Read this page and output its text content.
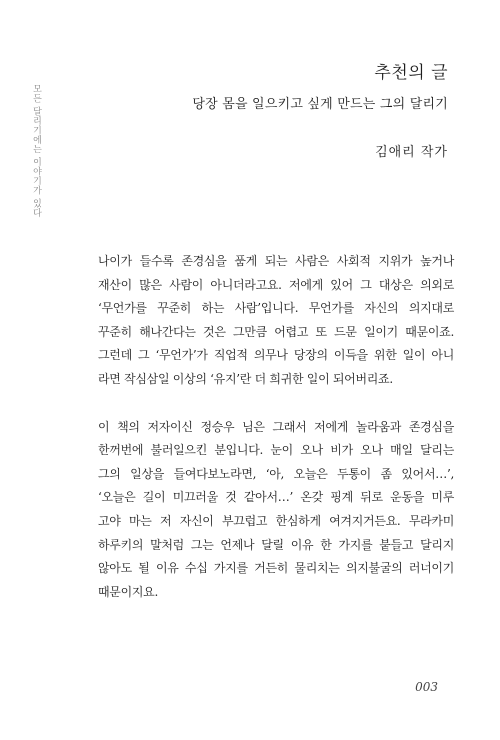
모든 달리기에는 이야기가 있다
추천의 글

당장 몸을 일으키고 싶게 만드는 그의 달리기

김애리 작가

나이가 들수록 존경심을 품게 되는 사람은 사회적 지위가 높거나
재산이 많은 사람이 아니더라고요. 저에게 있어 그 대상은 의외로
‘무언가를 꾸준히 하는 사람’입니다. 무언가를 자신의 의지대로
꾸준히 해나간다는 것은 그만큼 어렵고 또 드문 일이기 때문이죠.
그런데 그 ‘무언가’가 직업적 의무나 당장의 이득을 위한 일이 아니
라면 작심삼일 이상의 ‘유지’란 더 희귀한 일이 되어버리죠.

이 책의 저자이신 정승우 님은 그래서 저에게 놀라움과 존경심을
한꺼번에 불러일으킨 분입니다. 눈이 오나 비가 오나 매일 달리는
그의 일상을 들여다보노라면, ‘아, 오늘은 두통이 좀 있어서…’,
‘오늘은 길이 미끄러울 것 같아서…’ 온갖 핑계 뒤로 운동을 미루
고야 마는 저 자신이 부끄럽고 한심하게 여겨지거든요. 무라카미
하루키의 말처럼 그는 언제나 달릴 이유 한 가지를 붙들고 달리지
않아도 될 이유 수십 가지를 거든히 물리치는 의지불굴의 러너이기
때문이지요.

003
